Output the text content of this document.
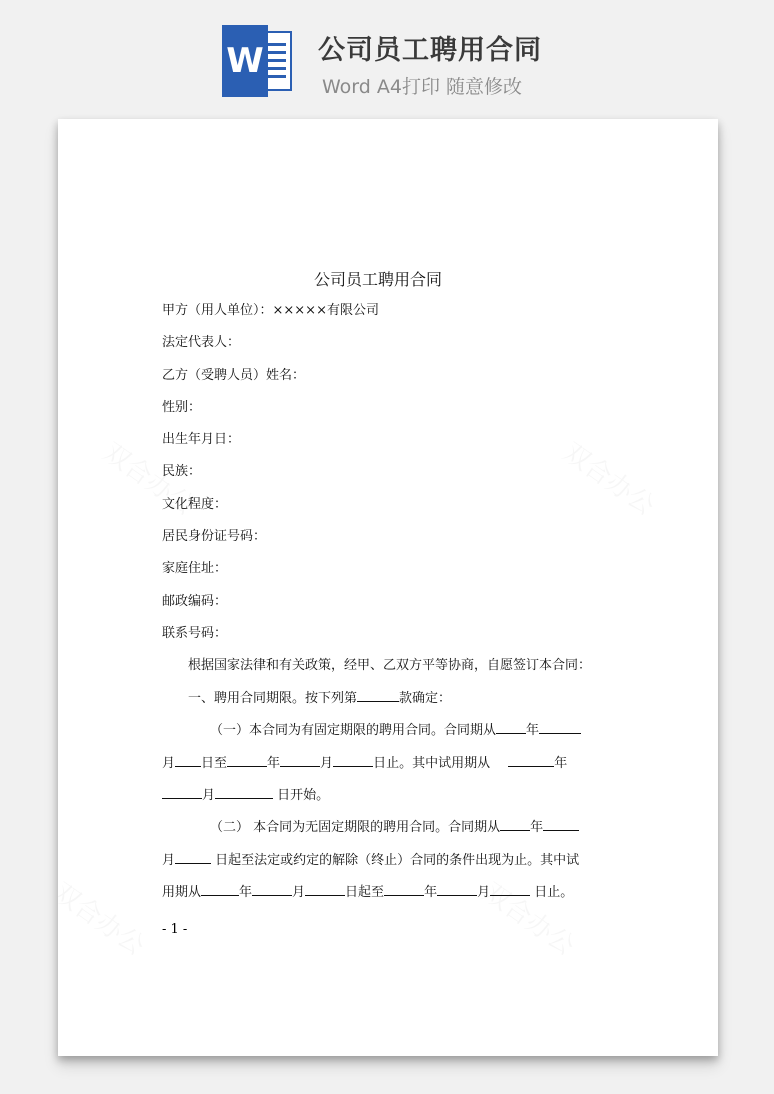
W 公司员工聘用合同
Word A4打印 随意修改
公司员工聘用合同
甲方（用人单位）：×××××有限公司
法定代表人：
乙方（受聘人员）姓名：
性别：
出生年月日：
民族：
文化程度：
居民身份证号码：
家庭住址：
邮政编码：
联系号码：
根据国家法律和有关政策，经甲、乙双方平等协商，自愿签订本合同：
一、聘用合同期限。按下列第	款确定：
（一）本合同为有固定期限的聘用合同。合同期从 年
月 日至	年	月	日止。其中试用期从	年
月	日开始。
（二） 本合同为无固定期限的聘用合同。合同期从 年
月	日起至法定或约定的解除（终止）合同的条件出现为止。其中试
用期从	年	月	日起至	年	月	日止。
- 1 -
